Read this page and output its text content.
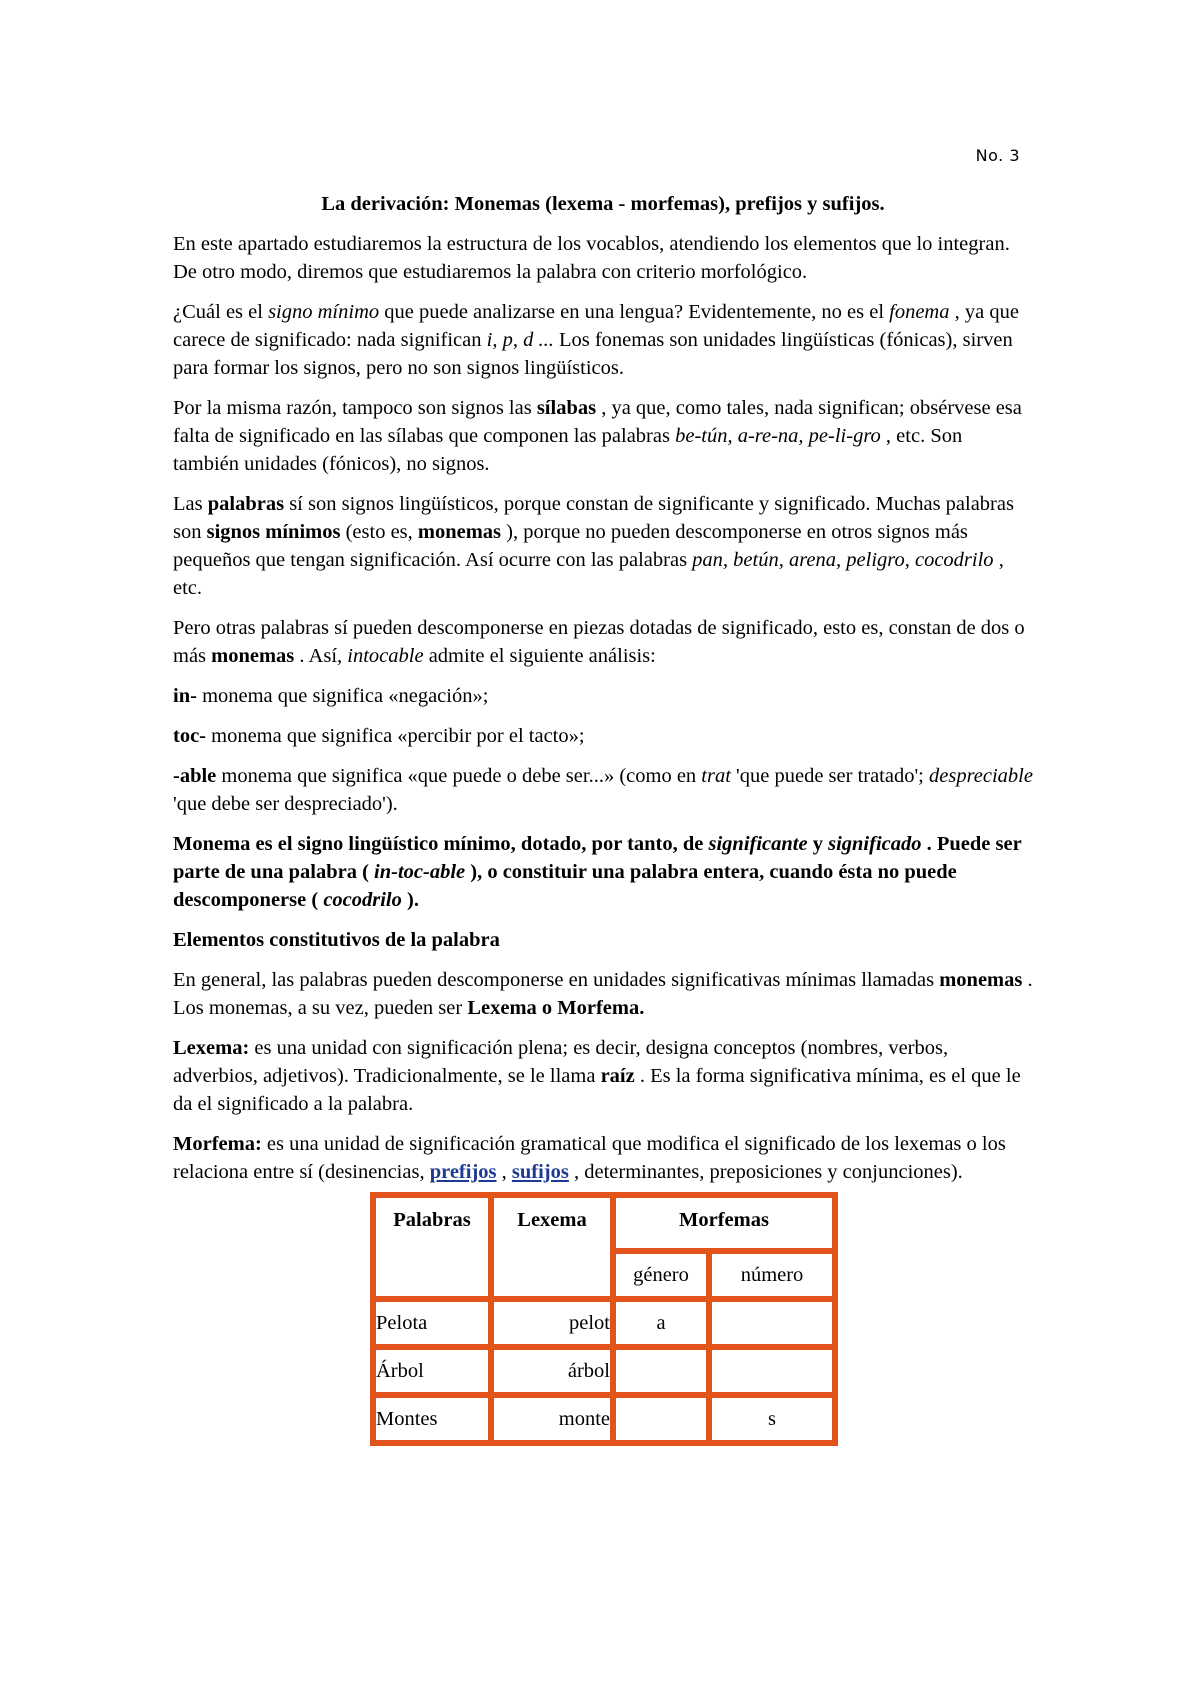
No. 3

La derivación: Monemas (lexema - morfemas), prefijos y sufijos.

En este apartado estudiaremos la estructura de los vocablos, atendiendo los elementos que lo integran. De otro modo, diremos que estudiaremos la palabra con criterio morfológico.

¿Cuál es el signo mínimo que puede analizarse en una lengua? Evidentemente, no es el fonema , ya que carece de significado: nada significan i, p, d ... Los fonemas son unidades lingüísticas (fónicas), sirven para formar los signos, pero no son signos lingüísticos.

Por la misma razón, tampoco son signos las sílabas , ya que, como tales, nada significan; obsérvese esa falta de significado en las sílabas que componen las palabras be-tún, a-re-na, pe-li-gro , etc. Son también unidades (fónicos), no signos.

Las palabras sí son signos lingüísticos, porque constan de significante y significado. Muchas palabras son signos mínimos (esto es, monemas ), porque no pueden descomponerse en otros signos más pequeños que tengan significación. Así ocurre con las palabras pan, betún, arena, peligro, cocodrilo , etc.

Pero otras palabras sí pueden descomponerse en piezas dotadas de significado, esto es, constan de dos o más monemas . Así, intocable admite el siguiente análisis:

in- monema que significa «negación»;

toc- monema que significa «percibir por el tacto»;

-able monema que significa «que puede o debe ser...» (como en trat 'que puede ser tratado'; despreciable 'que debe ser despreciado').

Monema es el signo lingüístico mínimo, dotado, por tanto, de significante y significado . Puede ser parte de una palabra ( in-toc-able ), o constituir una palabra entera, cuando ésta no puede descomponerse ( cocodrilo ).

Elementos constitutivos de la palabra

En general, las palabras pueden descomponerse en unidades significativas mínimas llamadas monemas . Los monemas, a su vez, pueden ser Lexema o Morfema.

Lexema: es una unidad con significación plena; es decir, designa conceptos (nombres, verbos, adverbios, adjetivos). Tradicionalmente, se le llama raíz . Es la forma significativa mínima, es el que le da el significado a la palabra.

Morfema: es una unidad de significación gramatical que modifica el significado de los lexemas o los relaciona entre sí (desinencias, prefijos , sufijos , determinantes, preposiciones y conjunciones).

Palabras	Lexema	Morfemas	
		género	número
Pelota	pelot	a	
Árbol	árbol		
Montes	monte		s
